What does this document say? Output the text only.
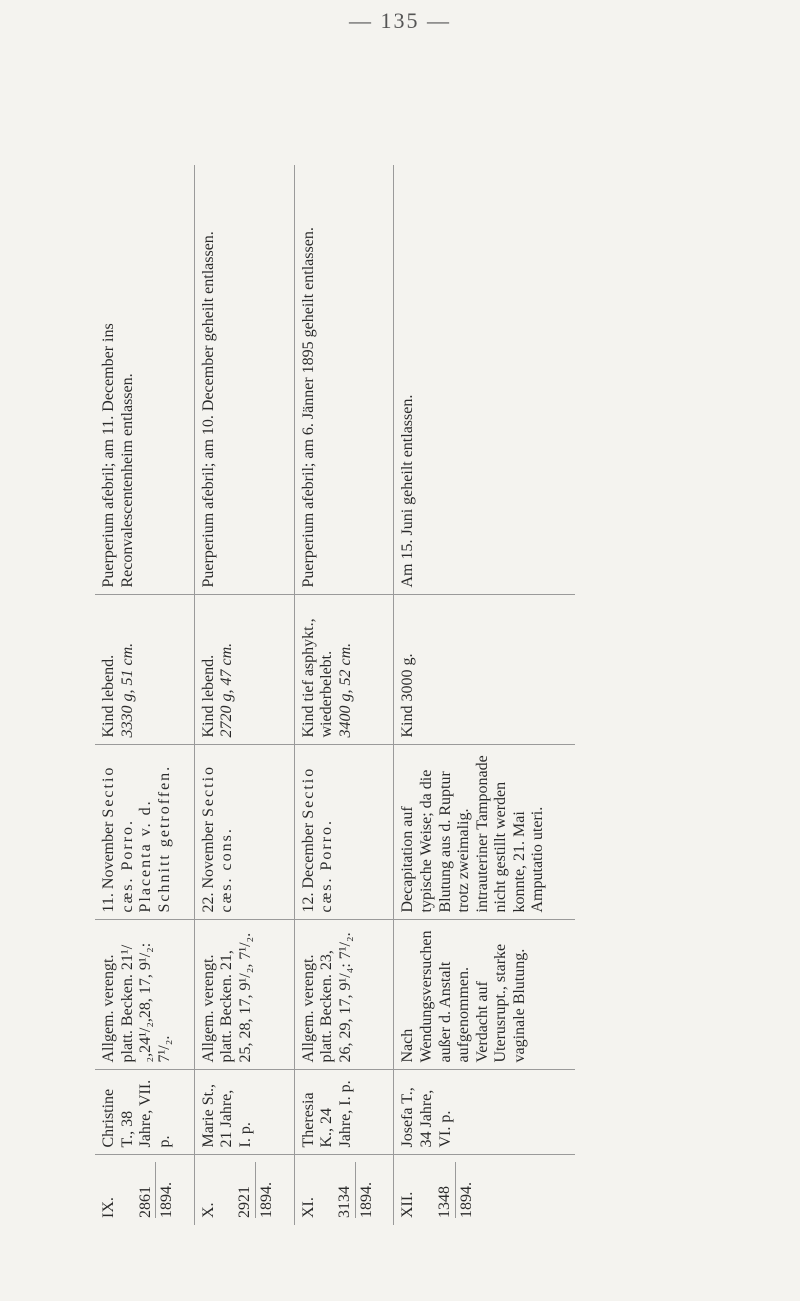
— 135 —
IX. 2861 1894.	Christine T., 38 Jahre, VII. p.	Allgem. verengt. platt. Becken. 21¹/₂,24¹/₂,28, 17, 9¹/₂: 7¹/₂.	11. November Sectio cæs. Porro. Placenta v. d. Schnitt getroffen.	Kind lebend.
3330 g, 51 cm.	Puerperium afebril; am 11. December ins Reconvalescentenheim entlassen.

X. 2921 1894.	Marie St., 21 Jahre, I. p.	Allgem. verengt. platt. Becken. 21, 25, 28, 17, 9¹/₂, 7¹/₂.	22. November Sectio cæs. cons.	Kind lebend.
2720 g, 47 cm.	Puerperium afebril; am 10. December geheilt entlassen.

XI. 3134 1894.	Theresia K., 24 Jahre, I. p.	Allgem. verengt. platt. Becken. 23, 26, 29, 17, 9¹/₄: 7¹/₂.	12. December Sectio cæs. Porro.	Kind tief asphykt., wiederbelebt.
3400 g, 52 cm.	Puerperium afebril; am 6. Jänner 1895 geheilt entlassen.

XII. 1348 1894.	Josefa T., 34 Jahre, VI. p.	Nach Wendungsversuchen außer d. Anstalt aufgenommen. Verdacht auf Uterusrupt., starke vaginale Blutung.	Decapitation auf typische Weise; da die Blutung aus d. Ruptur trotz zweimalig. intrauteriner Tamponade nicht gestillt werden konnte, 21. Mai Amputatio uteri.	Kind 3000 g.	Am 15. Juni geheilt entlassen.
